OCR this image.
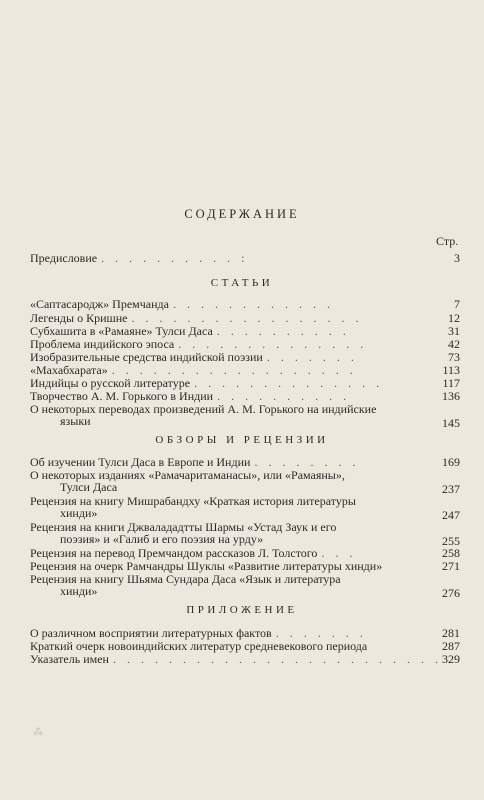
СОДЕРЖАНИЕ
Стр.
Предисловие . . . . . . . . . . :	3
СТАТЬИ
«Саптасародж» Премчанда . . . . . . . . . . . .	7
Легенды о Кришне . . . . . . . . . . . . . . . . .	12
Субхашита в «Рамаяне» Тулси Даса . . . . . . . . . .	31
Проблема индийского эпоса . . . . . . . . . . . . . .	42
Изобразительные средства индийской поэзии . . . . . . .	73
«Махабхарата» . . . . . . . . . . . . . . . . . .	113
Индийцы о русской литературе . . . . . . . . . . . . . .	117
Творчество А. М. Горького в Индии . . . . . . . . . .	136
О некоторых переводах произведений А. М. Горького на индийские
языки	145
ОБЗОРЫ И РЕЦЕНЗИИ
Об изучении Тулси Даса в Европе и Индии . . . . . . . .	169
О некоторых изданиях «Рамачаритаманасы», или «Рамаяны»,
Тулси Даса	237
Рецензия на книгу Мишрабандху «Краткая история литературы
хинди»	247
Рецензия на книги Джвалададтты Шармы «Устад Заук и его
поэзия» и «Галиб и его поэзия на урду»	255
Рецензия на перевод Премчандом рассказов Л. Толстого . . .	258
Рецензия на очерк Рамчандры Шуклы «Развитие литературы хинди»	271
Рецензия на книгу Шьяма Сундара Даса «Язык и литература
хинди»	276
ПРИЛОЖЕНИЕ
О различном восприятии литературных фактов . . . . . . .	281
Краткий очерк новоиндийских литератур средневекового периода	287
Указатель имен . . . . . . . . . . . . . . . . . . . . . . . . 329
⁂
